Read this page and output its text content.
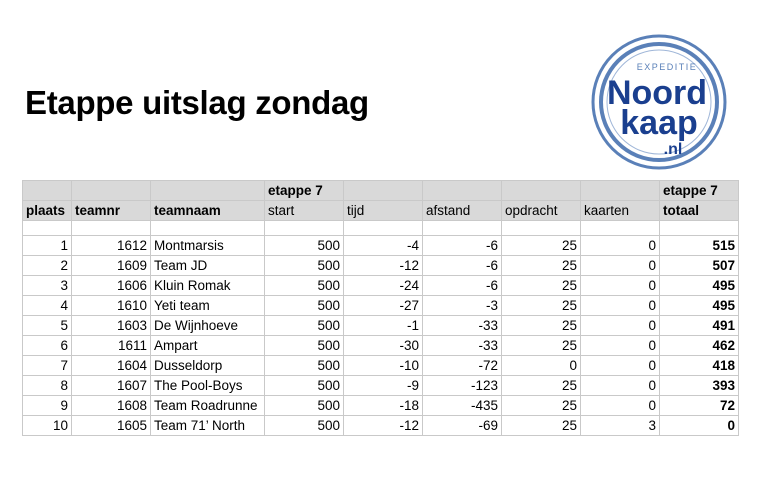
Etappe uitslag zondag
EXPEDITIE
Noord
kaap
.nl
			etappe 7					etappe 7
plaats	teamnr	teamnaam	start	tijd	afstand	opdracht	kaarten	totaal

1	1612	Montmarsis	500	-4	-6	25	0	515
2	1609	Team JD	500	-12	-6	25	0	507
3	1606	Kluin Romak	500	-24	-6	25	0	495
4	1610	Yeti team	500	-27	-3	25	0	495
5	1603	De Wijnhoeve	500	-1	-33	25	0	491
6	1611	Ampart	500	-30	-33	25	0	462
7	1604	Dusseldorp	500	-10	-72	0	0	418
8	1607	The Pool-Boys	500	-9	-123	25	0	393
9	1608	Team Roadrunne	500	-18	-435	25	0	72
10	1605	Team 71’ North	500	-12	-69	25	3	0
